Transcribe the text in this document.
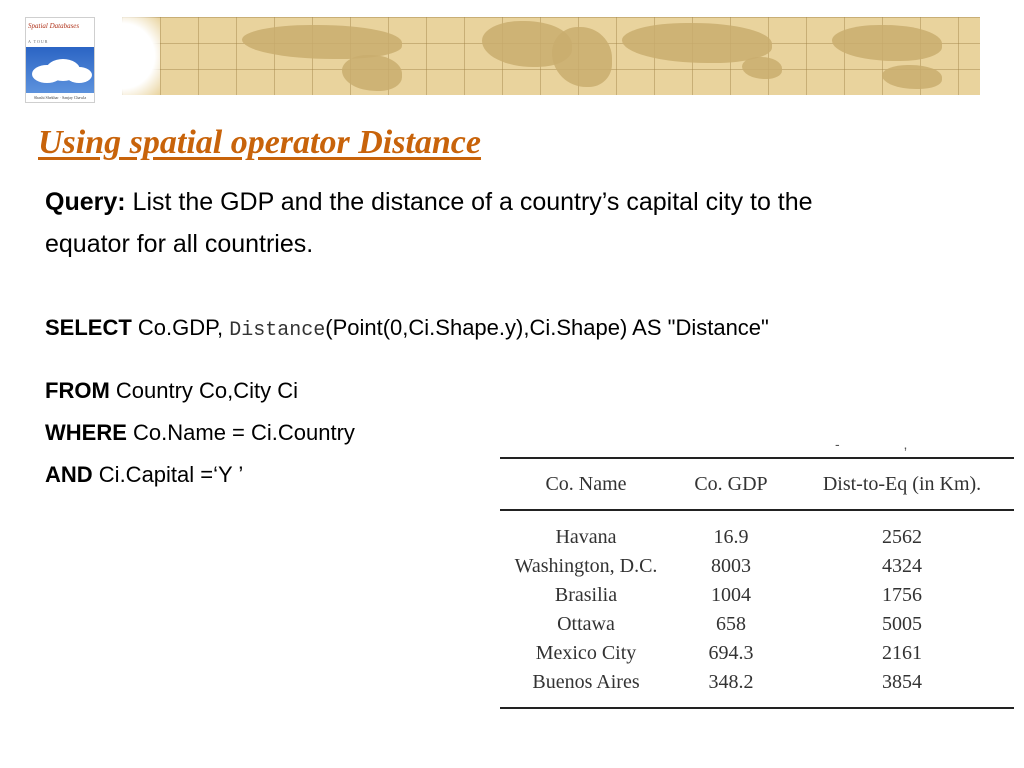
Spatial Databases
A TOUR
Shashi Shekhar · Sanjay Chawla
Using spatial operator Distance

Query: List the GDP and the distance of a country’s capital city to the equator for all countries.

SELECT Co.GDP, Distance(Point(0,Ci.Shape.y),Ci.Shape) AS "Distance"

FROM Country Co,City Ci

WHERE Co.Name = Ci.Country

AND Ci.Capital =‘Y ’

- ,
Co. Name	Co. GDP	Dist-to-Eq (in Km).
Havana	16.9	2562
Washington, D.C.	8003	4324
Brasilia	1004	1756
Ottawa	658	5005
Mexico City	694.3	2161
Buenos Aires	348.2	3854
